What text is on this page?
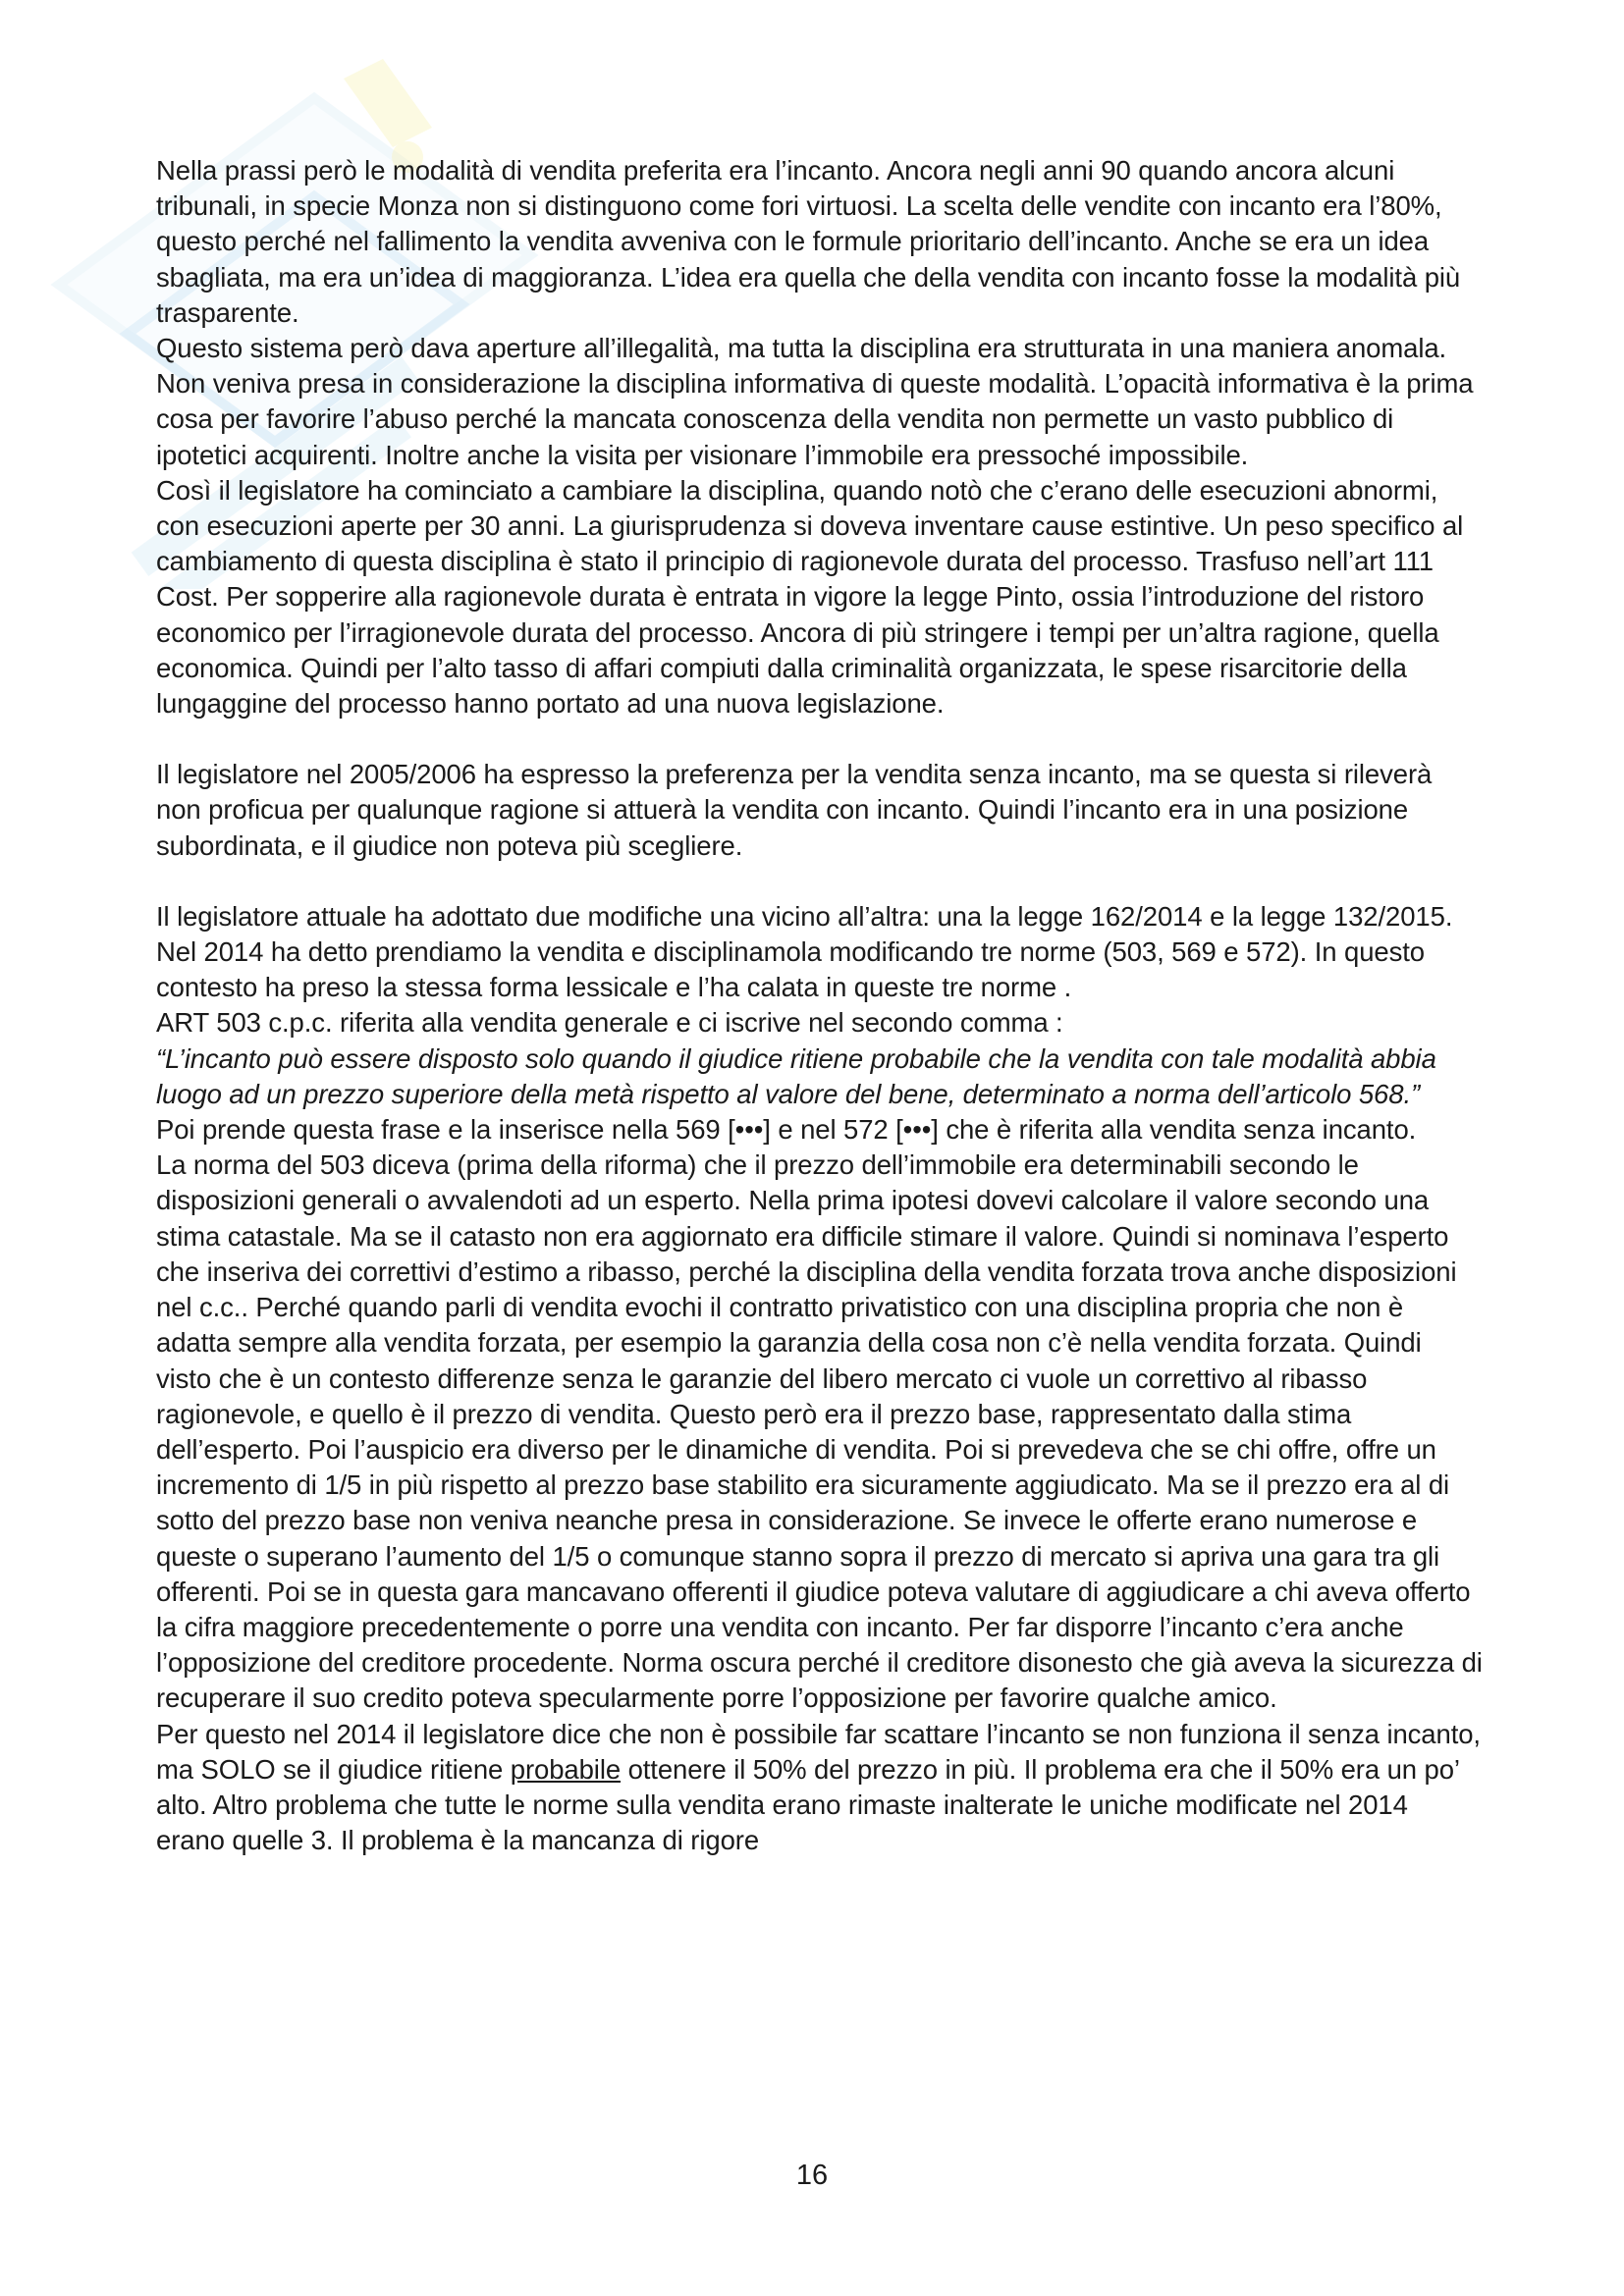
Nella prassi però le modalità di vendita preferita era l’incanto. Ancora negli anni 90 quando ancora alcuni tribunali, in specie Monza non si distinguono come fori virtuosi. La scelta delle vendite con incanto era l’80%, questo perché nel fallimento la vendita avveniva con le formule prioritario dell’incanto. Anche se era un idea sbagliata, ma era un’idea di maggioranza. L’idea era quella che della vendita con incanto fosse la modalità più trasparente.

Questo sistema però dava aperture all’illegalità, ma tutta la disciplina era strutturata in una maniera anomala. Non veniva presa in considerazione la disciplina informativa di queste modalità. L’opacità informativa è la prima cosa per favorire l’abuso perché la mancata conoscenza della vendita non permette un vasto pubblico di ipotetici acquirenti. Inoltre anche la visita per visionare l’immobile era pressoché impossibile.

Così il legislatore ha cominciato a cambiare la disciplina, quando notò che c’erano delle esecuzioni abnormi, con esecuzioni aperte per 30 anni. La giurisprudenza si doveva inventare cause estintive. Un peso specifico al cambiamento di questa disciplina è stato il principio di ragionevole durata del processo. Trasfuso nell’art 111 Cost. Per sopperire alla ragionevole durata è entrata in vigore la legge Pinto, ossia l’introduzione del ristoro economico per l’irragionevole durata del processo. Ancora di più stringere i tempi per un’altra ragione, quella economica. Quindi per l’alto tasso di affari compiuti dalla criminalità organizzata, le spese risarcitorie della lungaggine del processo hanno portato ad una nuova legislazione.

Il legislatore nel 2005/2006 ha espresso la preferenza per la vendita senza incanto, ma se questa si rileverà non proficua per qualunque ragione si attuerà la vendita con incanto. Quindi l’incanto era in una posizione subordinata, e il giudice non poteva più scegliere.

Il legislatore attuale ha adottato due modifiche una vicino all’altra: una la legge 162/2014 e la legge 132/2015. Nel 2014 ha detto prendiamo la vendita e disciplinamola modificando tre norme (503, 569 e 572). In questo contesto ha preso la stessa forma lessicale e l’ha calata in queste tre norme .

ART 503 c.p.c. riferita alla vendita generale e ci iscrive nel secondo comma :

“L’incanto può essere disposto solo quando il giudice ritiene probabile che la vendita con tale modalità abbia luogo ad un prezzo superiore della metà rispetto al valore del bene, determinato a norma dell’articolo 568.”

Poi prende questa frase e la inserisce nella 569 [•••] e nel 572 [•••] che è riferita alla vendita senza incanto.

La norma del 503 diceva (prima della riforma) che il prezzo dell’immobile era determinabili secondo le disposizioni generali o avvalendoti ad un esperto. Nella prima ipotesi dovevi calcolare il valore secondo una stima catastale. Ma se il catasto non era aggiornato era difficile stimare il valore. Quindi si nominava l’esperto che inseriva dei correttivi d’estimo a ribasso, perché la disciplina della vendita forzata trova anche disposizioni nel c.c.. Perché quando parli di vendita evochi il contratto privatistico con una disciplina propria che non è adatta sempre alla vendita forzata, per esempio la garanzia della cosa non c’è nella vendita forzata. Quindi visto che è un contesto differenze senza le garanzie del libero mercato ci vuole un correttivo al ribasso ragionevole, e quello è il prezzo di vendita. Questo però era il prezzo base, rappresentato dalla stima dell’esperto. Poi l’auspicio era diverso per le dinamiche di vendita. Poi si prevedeva che se chi offre, offre un incremento di 1/5 in più rispetto al prezzo base stabilito era sicuramente aggiudicato. Ma se il prezzo era al di sotto del prezzo base non veniva neanche presa in considerazione. Se invece le offerte erano numerose e queste o superano l’aumento del 1/5 o comunque stanno sopra il prezzo di mercato si apriva una gara tra gli offerenti. Poi se in questa gara mancavano offerenti il giudice poteva valutare di aggiudicare a chi aveva offerto la cifra maggiore precedentemente o porre una vendita con incanto. Per far disporre l’incanto c’era anche l’opposizione del creditore procedente. Norma oscura perché il creditore disonesto che già aveva la sicurezza di recuperare il suo credito poteva specularmente porre l’opposizione per favorire qualche amico.

Per questo nel 2014 il legislatore dice che non è possibile far scattare l’incanto se non funziona il senza incanto, ma SOLO se il giudice ritiene probabile ottenere il 50% del prezzo in più. Il problema era che il 50% era un po’ alto. Altro problema che tutte le norme sulla vendita erano rimaste inalterate le uniche modificate nel 2014 erano quelle 3. Il problema è la mancanza di rigore

16
